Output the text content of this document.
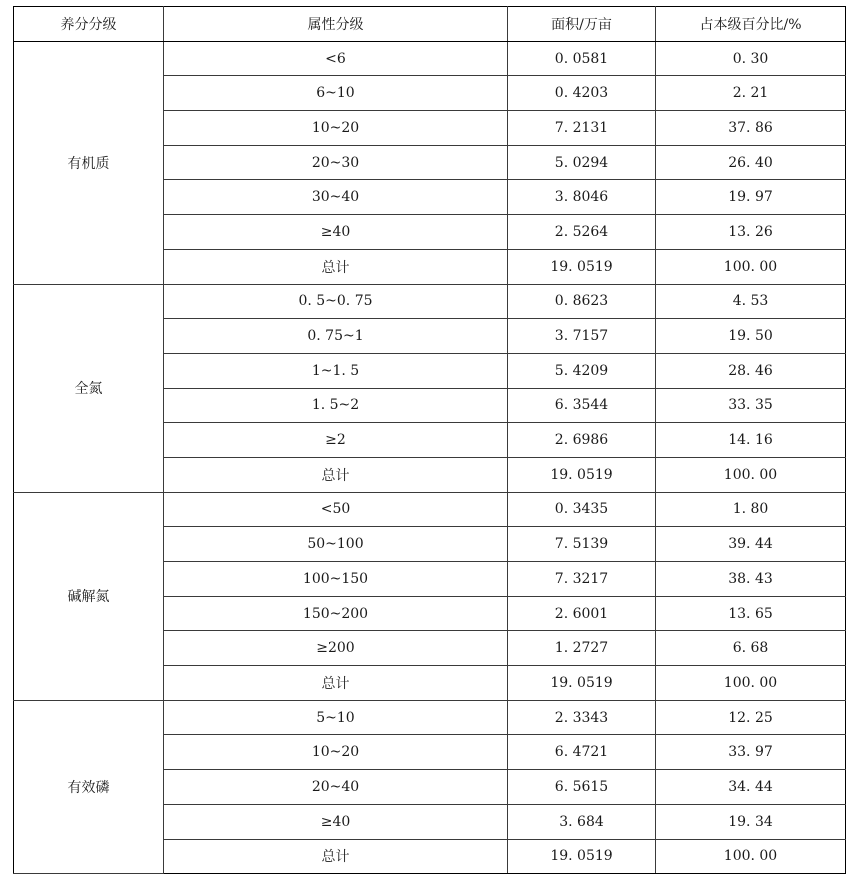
养分分级	属性分级	面积/万亩	占本级百分比/%
有机质	<6	0. 0581	0. 30
	6~10	0. 4203	2. 21
	10~20	7. 2131	37. 86
	20~30	5. 0294	26. 40
	30~40	3. 8046	19. 97
	≥40	2. 5264	13. 26
	总计	19. 0519	100. 00
全氮	0. 5~0. 75	0. 8623	4. 53
	0. 75~1	3. 7157	19. 50
	1~1. 5	5. 4209	28. 46
	1. 5~2	6. 3544	33. 35
	≥2	2. 6986	14. 16
	总计	19. 0519	100. 00
碱解氮	<50	0. 3435	1. 80
	50~100	7. 5139	39. 44
	100~150	7. 3217	38. 43
	150~200	2. 6001	13. 65
	≥200	1. 2727	6. 68
	总计	19. 0519	100. 00
有效磷	5~10	2. 3343	12. 25
	10~20	6. 4721	33. 97
	20~40	6. 5615	34. 44
	≥40	3. 684	19. 34
	总计	19. 0519	100. 00
